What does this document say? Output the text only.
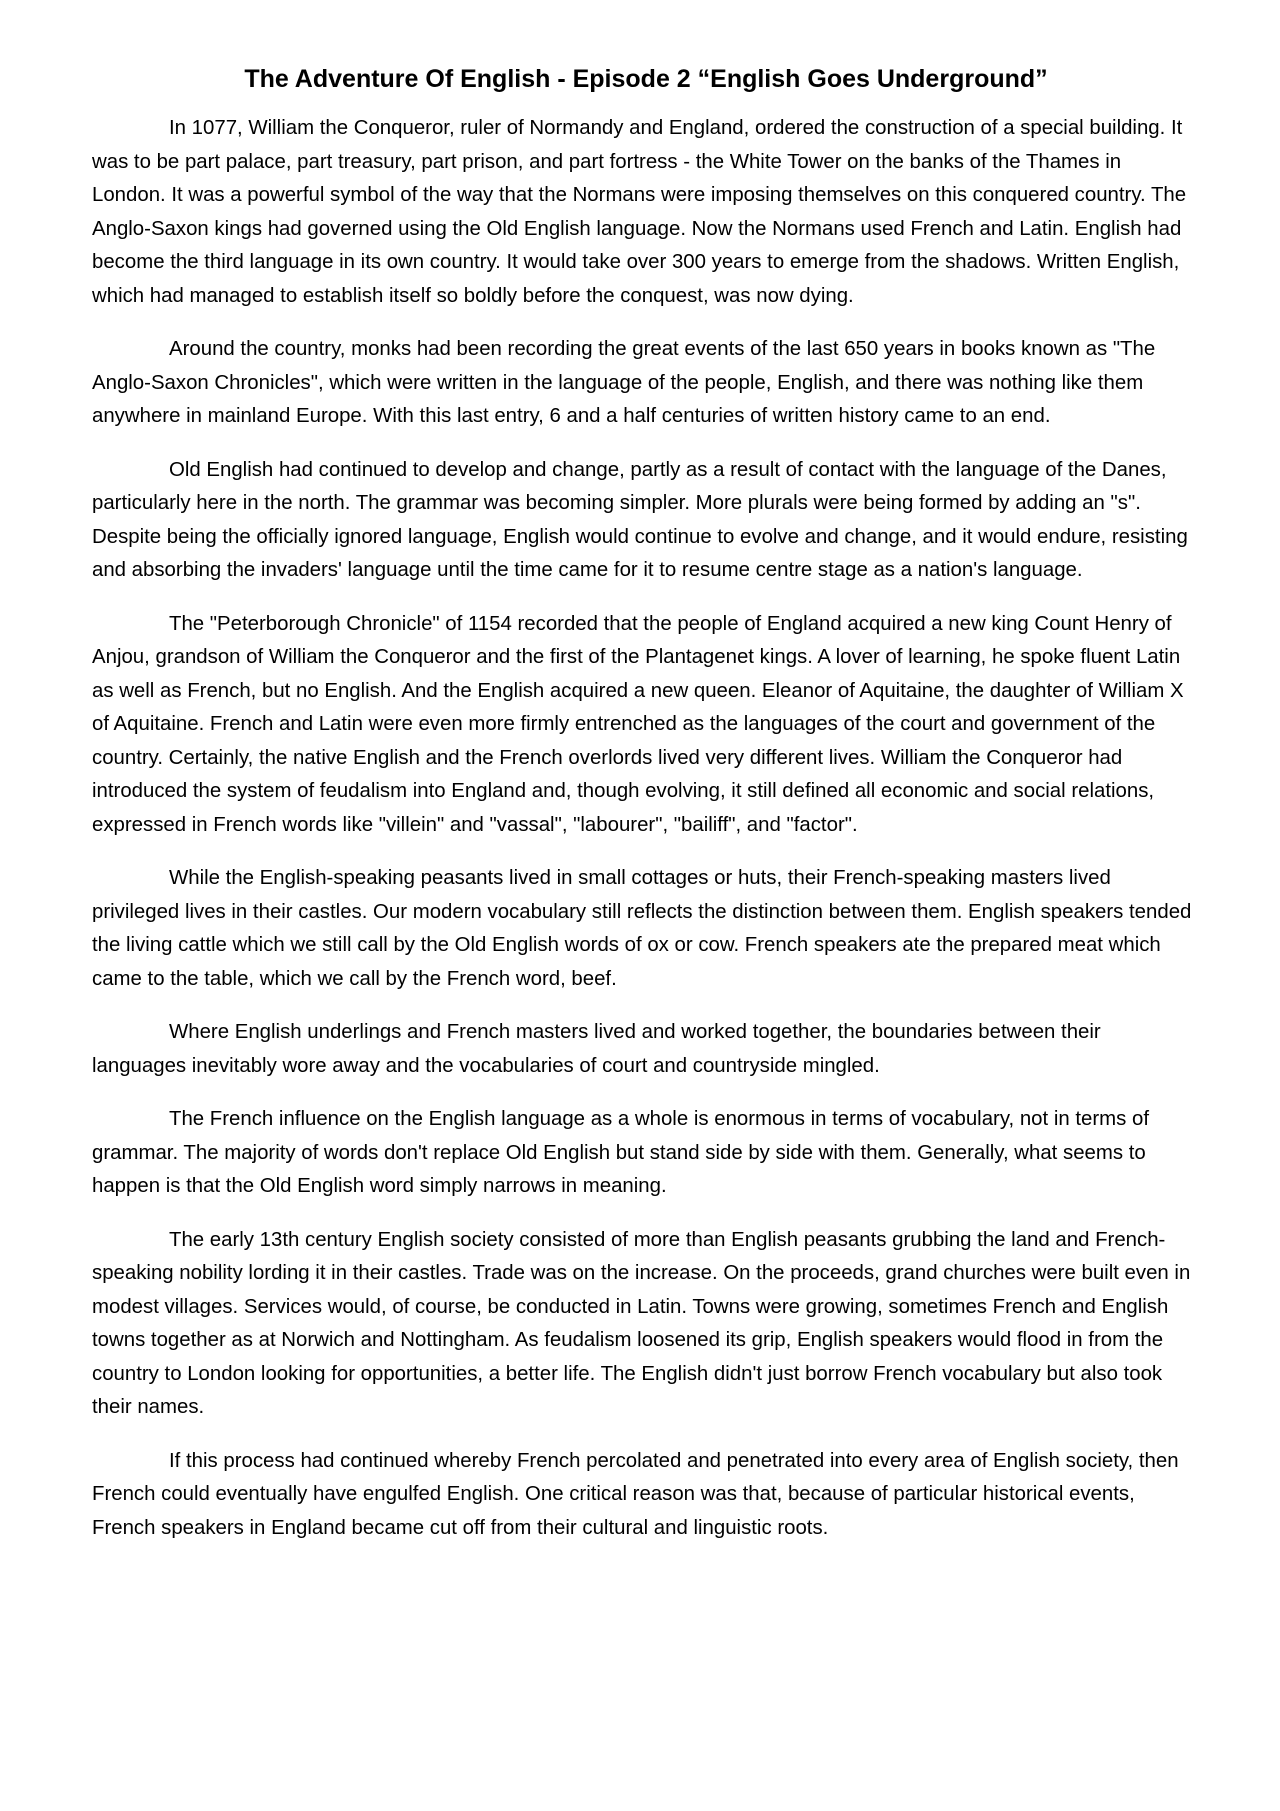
The Adventure Of English - Episode 2 “English Goes Underground”

In 1077, William the Conqueror, ruler of Normandy and England, ordered the construction of a special building. It was to be part palace, part treasury, part prison, and part fortress - the White Tower on the banks of the Thames in London. It was a powerful symbol of the way that the Normans were imposing themselves on this conquered country. The Anglo-Saxon kings had governed using the Old English language. Now the Normans used French and Latin. English had become the third language in its own country. It would take over 300 years to emerge from the shadows. Written English, which had managed to establish itself so boldly before the conquest, was now dying.

Around the country, monks had been recording the great events of the last 650 years in books known as "The Anglo-Saxon Chronicles", which were written in the language of the people, English, and there was nothing like them anywhere in mainland Europe. With this last entry, 6 and a half centuries of written history came to an end.

Old English had continued to develop and change, partly as a result of contact with the language of the Danes, particularly here in the north. The grammar was becoming simpler. More plurals were being formed by adding an "s". Despite being the officially ignored language, English would continue to evolve and change, and it would endure, resisting and absorbing the invaders' language until the time came for it to resume centre stage as a nation's language.

The "Peterborough Chronicle" of 1154 recorded that the people of England acquired a new king Count Henry of Anjou, grandson of William the Conqueror and the first of the Plantagenet kings. A lover of learning, he spoke fluent Latin as well as French, but no English. And the English acquired a new queen. Eleanor of Aquitaine, the daughter of William X of Aquitaine. French and Latin were even more firmly entrenched as the languages of the court and government of the country. Certainly, the native English and the French overlords lived very different lives. William the Conqueror had introduced the system of feudalism into England and, though evolving, it still defined all economic and social relations, expressed in French words like "villein" and "vassal", "labourer", "bailiff", and "factor".

While the English-speaking peasants lived in small cottages or huts, their French-speaking masters lived privileged lives in their castles. Our modern vocabulary still reflects the distinction between them. English speakers tended the living cattle which we still call by the Old English words of ox or cow. French speakers ate the prepared meat which came to the table, which we call by the French word, beef.

Where English underlings and French masters lived and worked together, the boundaries between their languages inevitably wore away and the vocabularies of court and countryside mingled.

The French influence on the English language as a whole is enormous in terms of vocabulary, not in terms of grammar. The majority of words don't replace Old English but stand side by side with them. Generally, what seems to happen is that the Old English word simply narrows in meaning.

The early 13th century English society consisted of more than English peasants grubbing the land and French-speaking nobility lording it in their castles. Trade was on the increase. On the proceeds, grand churches were built even in modest villages. Services would, of course, be conducted in Latin. Towns were growing, sometimes French and English towns together as at Norwich and Nottingham. As feudalism loosened its grip, English speakers would flood in from the country to London looking for opportunities, a better life. The English didn't just borrow French vocabulary but also took their names.

If this process had continued whereby French percolated and penetrated into every area of English society, then French could eventually have engulfed English. One critical reason was that, because of particular historical events, French speakers in England became cut off from their cultural and linguistic roots.
